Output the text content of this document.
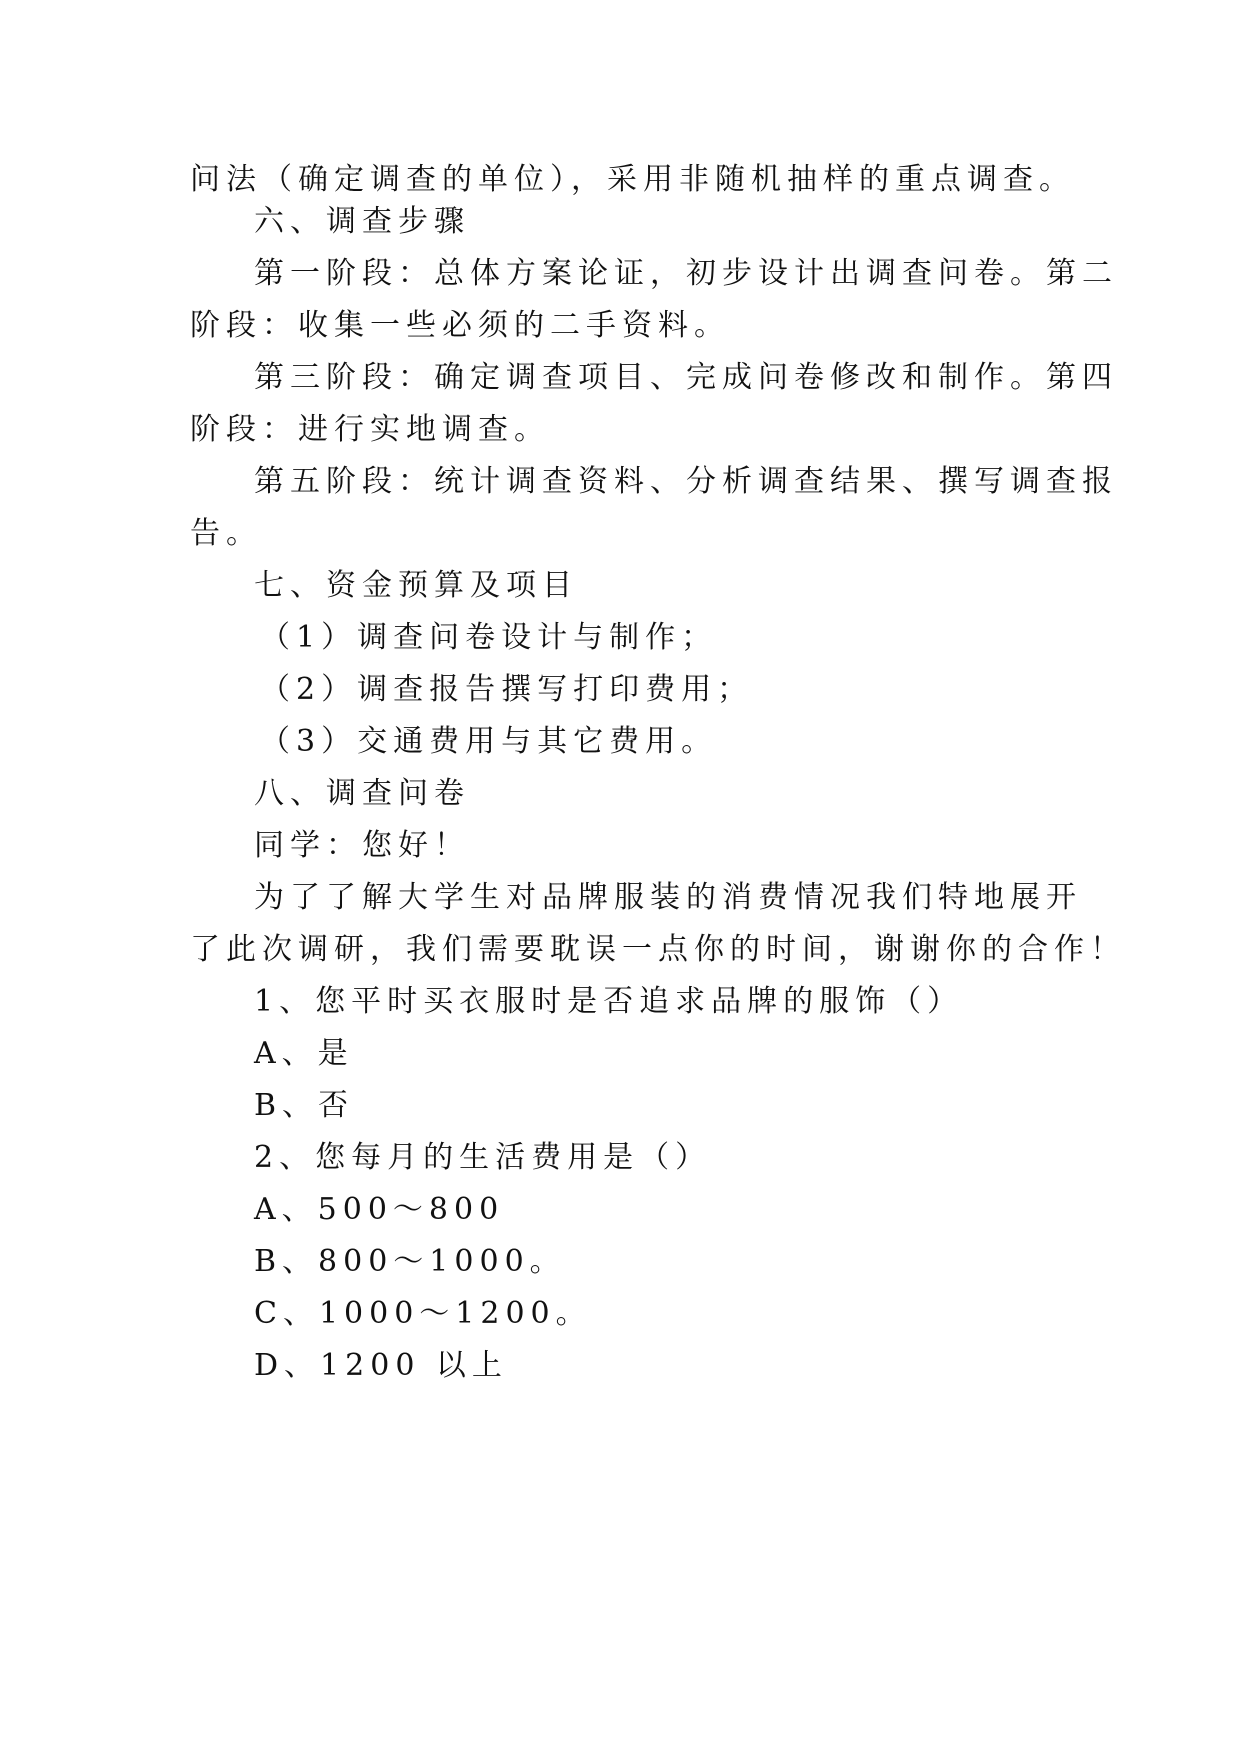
问法（确定调查的单位），采用非随机抽样的重点调查。
六、调查步骤
第一阶段：总体方案论证，初步设计出调查问卷。第二
阶段：收集一些必须的二手资料。
第三阶段：确定调查项目、完成问卷修改和制作。第四
阶段：进行实地调查。
第五阶段：统计调查资料、分析调查结果、撰写调查报
告。
七、资金预算及项目
（1）调查问卷设计与制作；
（2）调查报告撰写打印费用；
（3）交通费用与其它费用。
八、调查问卷
同学：您好！
为了了解大学生对品牌服装的消费情况我们特地展开
了此次调研，我们需要耽误一点你的时间，谢谢你的合作！
1、您平时买衣服时是否追求品牌的服饰（）
A、是
B、否
2、您每月的生活费用是（）
A、500～800
B、800～1000。
C、1000～1200。
D、1200 以上
